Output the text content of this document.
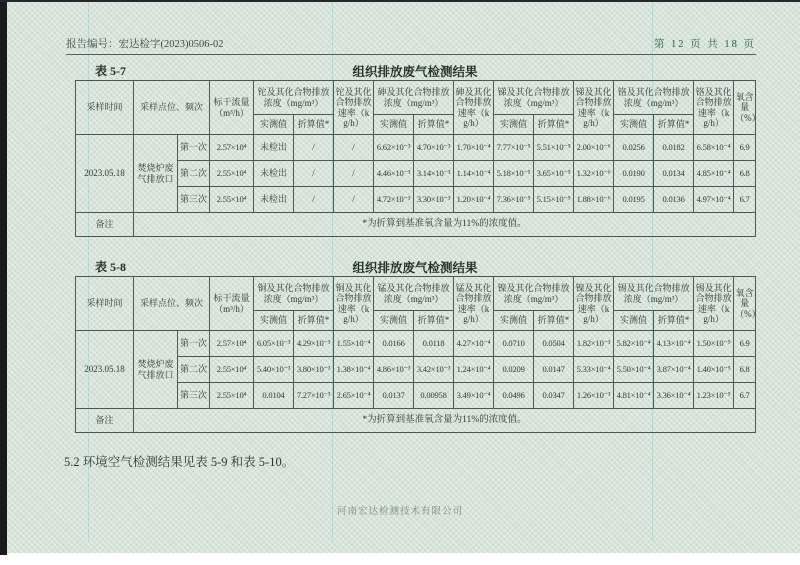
报告编号：宏达检字(2023)0506-02	第 12 页 共 18 页
组织排放废气检测结果
表 5-7
采样时间	采样点位、频次		标干流量（m³/h）	铊及其化合物排放浓度（mg/m³）		铊及其化合物排放速率（kg/h）	砷及其化合物排放浓度（mg/m³）		砷及其化合物排放速率（kg/h）	锑及其化合物排放浓度（mg/m³）		锑及其化合物排放速率（kg/h）	铬及其化合物排放浓度（mg/m³）		铬及其化合物排放速率（kg/h）	氧含量（%）
				实测值	折算值*		实测值	折算值*		实测值	折算值*		实测值	折算值*		
2023.05.18	焚烧炉废气排放口	第一次	2.57×10⁴	未检出	/	/	6.62×10⁻³	4.70×10⁻³	1.70×10⁻⁴	7.77×10⁻⁵	5.51×10⁻⁵	2.00×10⁻⁶	0.0256	0.0182	6.58×10⁻⁴	6.9
		第二次	2.55×10⁴	未检出	/	/	4.46×10⁻³	3.14×10⁻³	1.14×10⁻⁴	5.18×10⁻⁵	3.65×10⁻⁵	1.32×10⁻⁶	0.0190	0.0134	4.85×10⁻⁴	6.8
		第三次	2.55×10⁴	未检出	/	/	4.72×10⁻³	3.30×10⁻³	1.20×10⁻⁴	7.36×10⁻⁵	5.15×10⁻⁵	1.88×10⁻⁶	0.0195	0.0136	4.97×10⁻⁴	6.7
备注	*为折算到基准氧含量为11%的浓度值。															
组织排放废气检测结果
表 5-8
采样时间	采样点位、频次		标干流量（m³/h）	铜及其化合物排放浓度（mg/m³）		铜及其化合物排放速率（kg/h）	锰及其化合物排放浓度（mg/m³）		锰及其化合物排放速率（kg/h）	镍及其化合物排放浓度（mg/m³）		镍及其化合物排放速率（kg/h）	锡及其化合物排放浓度（mg/m³）		锡及其化合物排放速率（kg/h）	氧含量（%）
				实测值	折算值*		实测值	折算值*		实测值	折算值*		实测值	折算值*		
2023.05.18	焚烧炉废气排放口	第一次	2.57×10⁴	6.05×10⁻³	4.29×10⁻³	1.55×10⁻⁴	0.0166	0.0118	4.27×10⁻⁴	0.0710	0.0504	1.82×10⁻³	5.82×10⁻⁴	4.13×10⁻⁴	1.50×10⁻⁵	6.9
		第二次	2.55×10⁴	5.40×10⁻³	3.80×10⁻³	1.38×10⁻⁴	4.86×10⁻³	3.42×10⁻³	1.24×10⁻⁴	0.0209	0.0147	5.33×10⁻⁴	5.50×10⁻⁴	3.87×10⁻⁴	1.40×10⁻⁵	6.8
		第三次	2.55×10⁴	0.0104	7.27×10⁻³	2.65×10⁻⁴	0.0137	0.00958	3.49×10⁻⁴	0.0496	0.0347	1.26×10⁻³	4.81×10⁻⁴	3.36×10⁻⁴	1.23×10⁻⁵	6.7
备注	*为折算到基准氧含量为11%的浓度值。															
5.2 环境空气检测结果见表 5-9 和表 5-10。
河南宏达检测技术有限公司
